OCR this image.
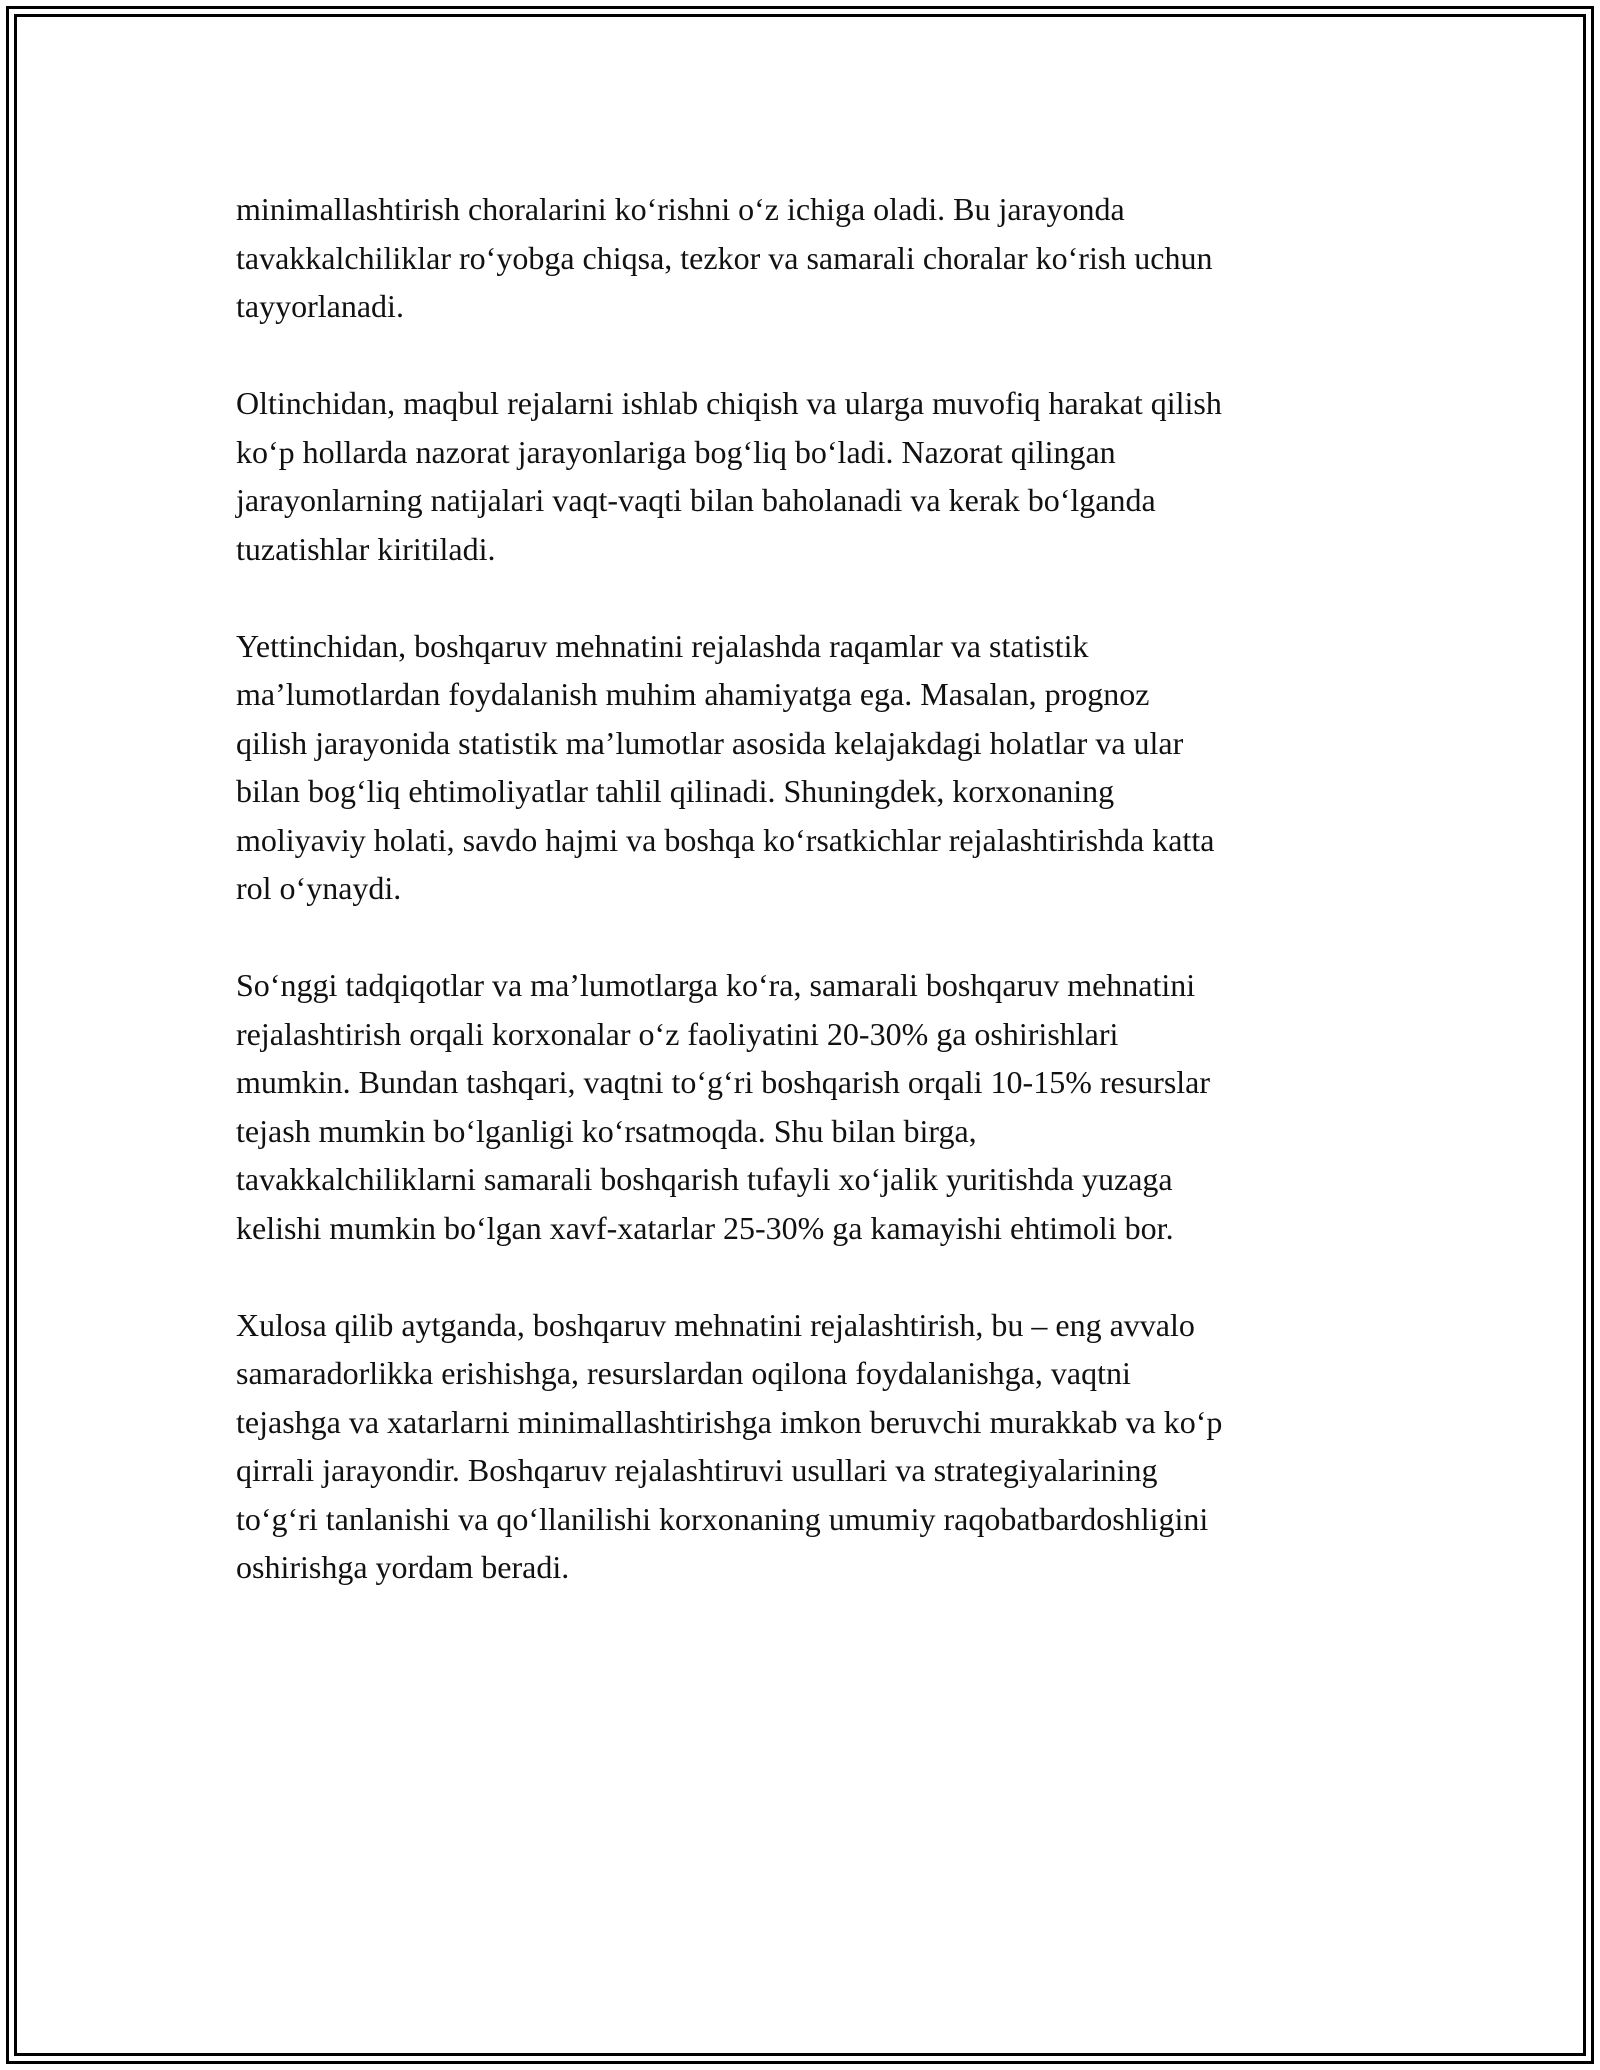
minimallashtirish choralarini koʻrishni oʻz ichiga oladi. Bu jarayonda
tavakkalchiliklar roʻyobga chiqsa, tezkor va samarali choralar koʻrish uchun
tayyorlanadi.

Oltinchidan, maqbul rejalarni ishlab chiqish va ularga muvofiq harakat qilish
koʻp hollarda nazorat jarayonlariga bogʻliq boʻladi. Nazorat qilingan
jarayonlarning natijalari vaqt-vaqti bilan baholanadi va kerak boʻlganda
tuzatishlar kiritiladi.

Yettinchidan, boshqaruv mehnatini rejalashda raqamlar va statistik
ma’lumotlardan foydalanish muhim ahamiyatga ega. Masalan, prognoz
qilish jarayonida statistik ma’lumotlar asosida kelajakdagi holatlar va ular
bilan bogʻliq ehtimoliyatlar tahlil qilinadi. Shuningdek, korxonaning
moliyaviy holati, savdo hajmi va boshqa koʻrsatkichlar rejalashtirishda katta
rol oʻynaydi.

Soʻnggi tadqiqotlar va ma’lumotlarga koʻra, samarali boshqaruv mehnatini
rejalashtirish orqali korxonalar oʻz faoliyatini 20-30% ga oshirishlari
mumkin. Bundan tashqari, vaqtni toʻgʻri boshqarish orqali 10-15% resurslar
tejash mumkin boʻlganligi koʻrsatmoqda. Shu bilan birga,
tavakkalchiliklarni samarali boshqarish tufayli xoʻjalik yuritishda yuzaga
kelishi mumkin boʻlgan xavf-xatarlar 25-30% ga kamayishi ehtimoli bor.

Xulosa qilib aytganda, boshqaruv mehnatini rejalashtirish, bu – eng avvalo
samaradorlikka erishishga, resurslardan oqilona foydalanishga, vaqtni
tejashga va xatarlarni minimallashtirishga imkon beruvchi murakkab va koʻp
qirrali jarayondir. Boshqaruv rejalashtiruvi usullari va strategiyalarining
toʻgʻri tanlanishi va qoʻllanilishi korxonaning umumiy raqobatbardoshligini
oshirishga yordam beradi.
